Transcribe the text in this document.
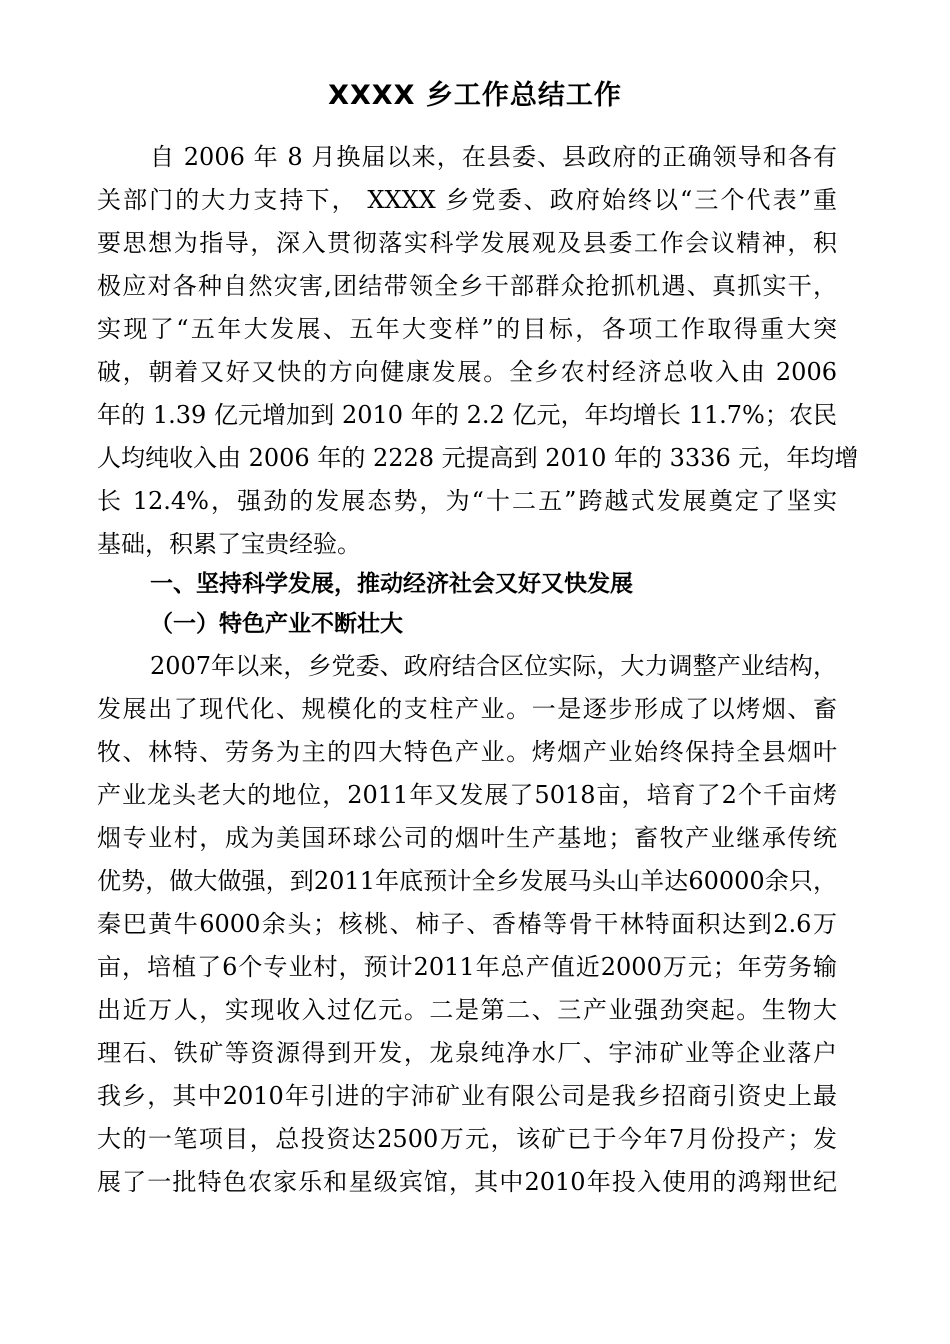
XXXX 乡工作总结工作
自 2006 年 8 月换届以来，在县委、县政府的正确领导和各有
关部门的大力支持下， XXXX 乡党委、政府始终以“三个代表”重
要思想为指导，深入贯彻落实科学发展观及县委工作会议精神，积
极应对各种自然灾害,团结带领全乡干部群众抢抓机遇、真抓实干，
实现了“五年大发展、五年大变样”的目标，各项工作取得重大突
破，朝着又好又快的方向健康发展。全乡农村经济总收入由 2006
年的 1.39 亿元增加到 2010 年的 2.2 亿元，年均增长 11.7%；农民
人均纯收入由 2006 年的 2228 元提高到 2010 年的 3336 元，年均增
长 12.4%，强劲的发展态势，为“十二五”跨越式发展奠定了坚实
基础，积累了宝贵经验。
一、坚持科学发展，推动经济社会又好又快发展
（一）特色产业不断壮大
2007年以来，乡党委、政府结合区位实际，大力调整产业结构，
发展出了现代化、规模化的支柱产业。一是逐步形成了以烤烟、畜
牧、林特、劳务为主的四大特色产业。烤烟产业始终保持全县烟叶
产业龙头老大的地位，2011年又发展了5018亩，培育了2个千亩烤
烟专业村，成为美国环球公司的烟叶生产基地；畜牧产业继承传统
优势，做大做强，到2011年底预计全乡发展马头山羊达60000余只，
秦巴黄牛6000余头；核桃、柿子、香椿等骨干林特面积达到2.6万
亩，培植了6个专业村，预计2011年总产值近2000万元；年劳务输
出近万人，实现收入过亿元。二是第二、三产业强劲突起。生物大
理石、铁矿等资源得到开发，龙泉纯净水厂、宇沛矿业等企业落户
我乡，其中2010年引进的宇沛矿业有限公司是我乡招商引资史上最
大的一笔项目，总投资达2500万元，该矿已于今年7月份投产；发
展了一批特色农家乐和星级宾馆，其中2010年投入使用的鸿翔世纪
